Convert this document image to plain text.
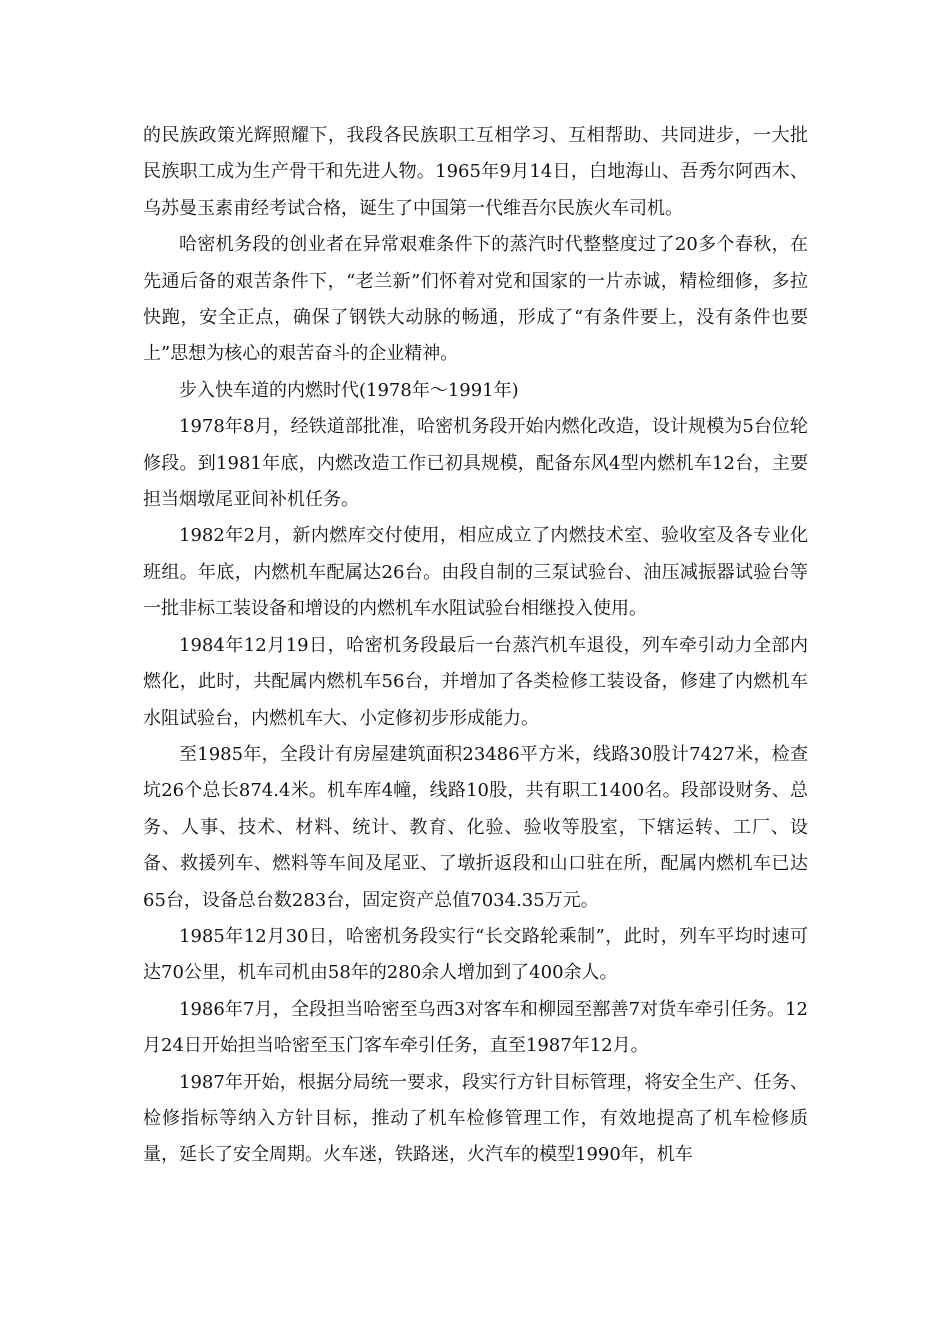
的民族政策光辉照耀下，我段各民族职工互相学习、互相帮助、共同进步，一大批民族职工成为生产骨干和先进人物。1965年9月14日，白地海山、吾秀尔阿西木、乌苏曼玉素甫经考试合格，诞生了中国第一代维吾尔民族火车司机。

哈密机务段的创业者在异常艰难条件下的蒸汽时代整整度过了20多个春秋，在先通后备的艰苦条件下，“老兰新”们怀着对党和国家的一片赤诚，精检细修，多拉快跑，安全正点，确保了钢铁大动脉的畅通，形成了“有条件要上，没有条件也要上”思想为核心的艰苦奋斗的企业精神。

步入快车道的内燃时代(1978年～1991年)

1978年8月，经铁道部批准，哈密机务段开始内燃化改造，设计规模为5台位轮修段。到1981年底，内燃改造工作已初具规模，配备东风4型内燃机车12台，主要担当烟墩尾亚间补机任务。

1982年2月，新内燃库交付使用，相应成立了内燃技术室、验收室及各专业化班组。年底，内燃机车配属达26台。由段自制的三泵试验台、油压减振器试验台等一批非标工装设备和增设的内燃机车水阻试验台相继投入使用。

1984年12月19日，哈密机务段最后一台蒸汽机车退役，列车牵引动力全部内燃化，此时，共配属内燃机车56台，并增加了各类检修工装设备，修建了内燃机车水阻试验台，内燃机车大、小定修初步形成能力。

至1985年，全段计有房屋建筑面积23486平方米，线路30股计7427米，检查坑26个总长874.4米。机车库4幢，线路10股，共有职工1400名。段部设财务、总务、人事、技术、材料、统计、教育、化验、验收等股室，下辖运转、工厂、设备、救援列车、燃料等车间及尾亚、了墩折返段和山口驻在所，配属内燃机车已达65台，设备总台数283台，固定资产总值7034.35万元。

1985年12月30日，哈密机务段实行“长交路轮乘制”，此时，列车平均时速可达70公里，机车司机由58年的280余人增加到了400余人。

1986年7月，全段担当哈密至乌西3对客车和柳园至鄯善7对货车牵引任务。12月24日开始担当哈密至玉门客车牵引任务，直至1987年12月。

1987年开始，根据分局统一要求，段实行方针目标管理，将安全生产、任务、检修指标等纳入方针目标，推动了机车检修管理工作，有效地提高了机车检修质量，延长了安全周期。火车迷，铁路迷，火汽车的模型1990年，机车
